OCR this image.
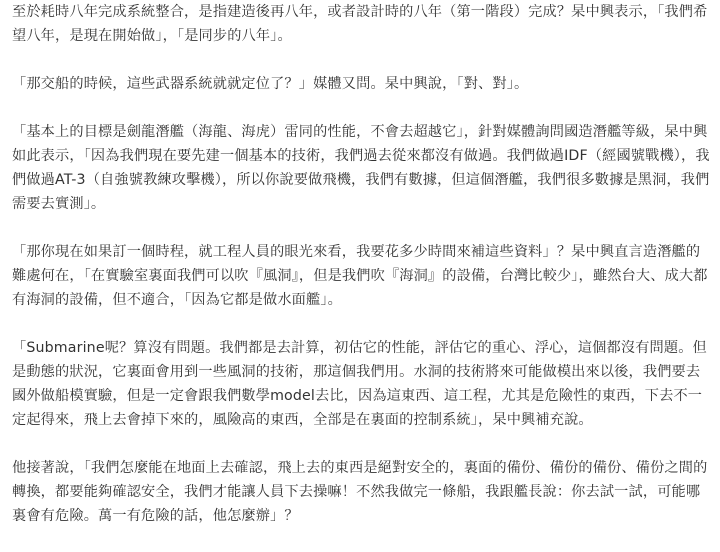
至於耗時八年完成系統整合，是指建造後再八年，或者設計時的八年（第一階段）完成？杲中興表示，「我們希望八年，是現在開始做」，「是同步的八年」。

「那交船的時候，這些武器系統就就定位了？」媒體又問。杲中興說，「對、對」。

「基本上的目標是劍龍潛艦（海龍、海虎）雷同的性能，不會去超越它」，針對媒體詢問國造潛艦等級，杲中興如此表示，「因為我們現在要先建一個基本的技術，我們過去從來都沒有做過。我們做過IDF（經國號戰機），我們做過AT-3（自強號教練攻擊機），所以你說要做飛機，我們有數據，但這個潛艦，我們很多數據是黑洞，我們需要去實測」。

「那你現在如果訂一個時程，就工程人員的眼光來看，我要花多少時間來補這些資料」？杲中興直言造潛艦的難處何在，「在實驗室裏面我們可以吹『風洞』，但是我們吹『海洞』的設備，台灣比較少」，雖然台大、成大都有海洞的設備，但不適合，「因為它都是做水面艦」。

「Submarine呢？算沒有問題。我們都是去計算，初估它的性能，評估它的重心、浮心，這個都沒有問題。但是動態的狀況，它裏面會用到一些風洞的技術，那這個我們用。水洞的技術將來可能做模出來以後，我們要去國外做船模實驗，但是一定會跟我們數學model去比，因為這東西、這工程，尤其是危險性的東西，下去不一定起得來，飛上去會掉下來的，風險高的東西，全部是在裏面的控制系統」，杲中興補充說。

他接著說，「我們怎麼能在地面上去確認，飛上去的東西是絕對安全的，裏面的備份、備份的備份、備份之間的轉換，都要能夠確認安全，我們才能讓人員下去操嘛！不然我做完一條船，我跟艦長說：你去試一試，可能哪裏會有危險。萬一有危險的話，他怎麼辦」？
